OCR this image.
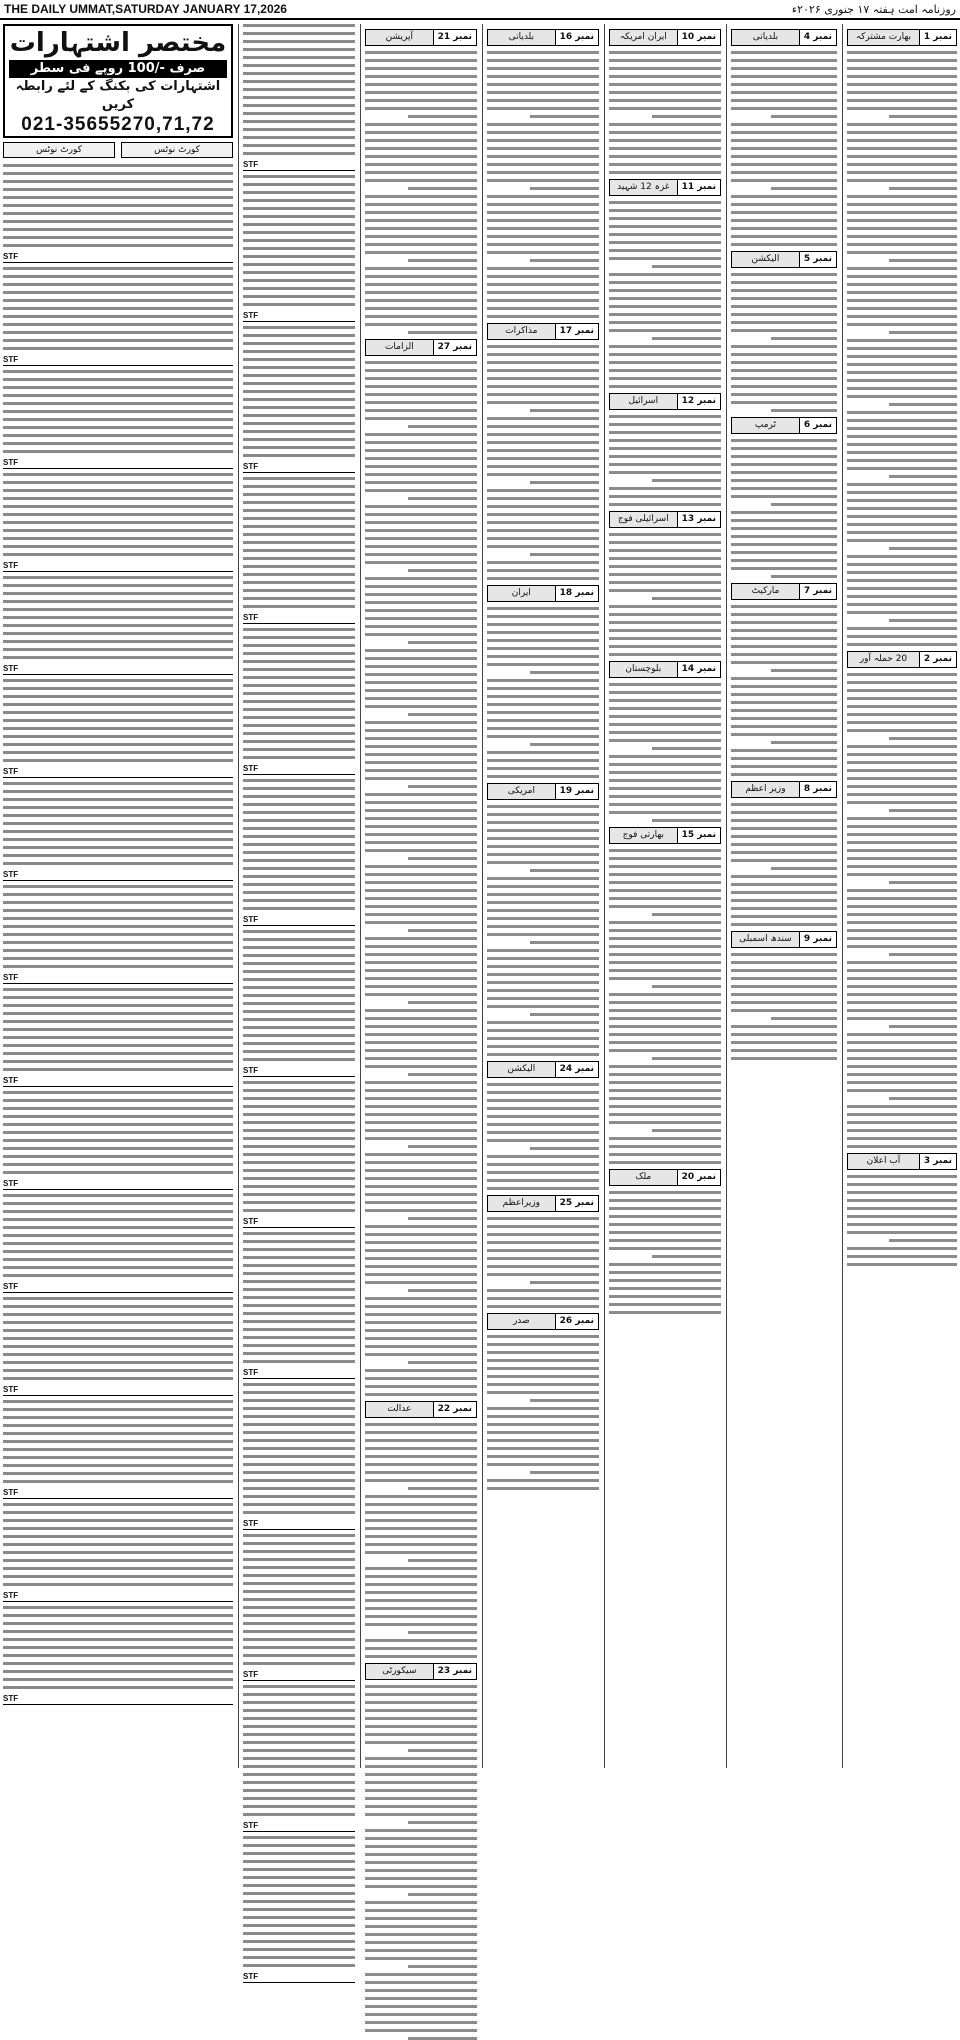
THE DAILY UMMAT,SATURDAY JANUARY 17,2026	روزنامہ امت ہفتہ ۱۷ جنوری ۲۰۲۶ء
مختصر اشتہارات
صرف -/100 روپے فی سطر
اشتہارات کی بکنگ کے لئے رابطہ کریں
021-35655270,71,72
کورٹ نوٹس
کورٹ نوٹس
STF
STF
STF
STF
STF
STF
STF
STF
STF
STF
STF
STF
STF
STF
STF
STF
STF
STF
STF
STF
STF
STF
STF
STF
STF
STF
STF
STF
نمبر 21
آپریشن
نمبر 27
الزامات
نمبر 22
عدالت
نمبر 23
سیکورٹی
نمبر 16
بلدیاتی
نمبر 17
مذاکرات
نمبر 18
ایران
نمبر 19
امریکی
نمبر 24
الیکشن
نمبر 25
وزیراعظم
نمبر 26
صدر
نمبر 10
ایران امریکہ
نمبر 11
غزہ 12 شہید
نمبر 12
اسرائیل
نمبر 13
اسرائیلی فوج
نمبر 14
بلوچستان
نمبر 15
بھارتی فوج
نمبر 20
ملک
نمبر 4
بلدیاتی
نمبر 5
الیکشن
نمبر 6
ٹرمپ
نمبر 7
مارکیٹ
نمبر 8
وزیر اعظم
نمبر 9
سندھ اسمبلی
نمبر 1
بھارت مشترکہ
نمبر 2
20 حملہ آور
نمبر 3
آب اعلان
